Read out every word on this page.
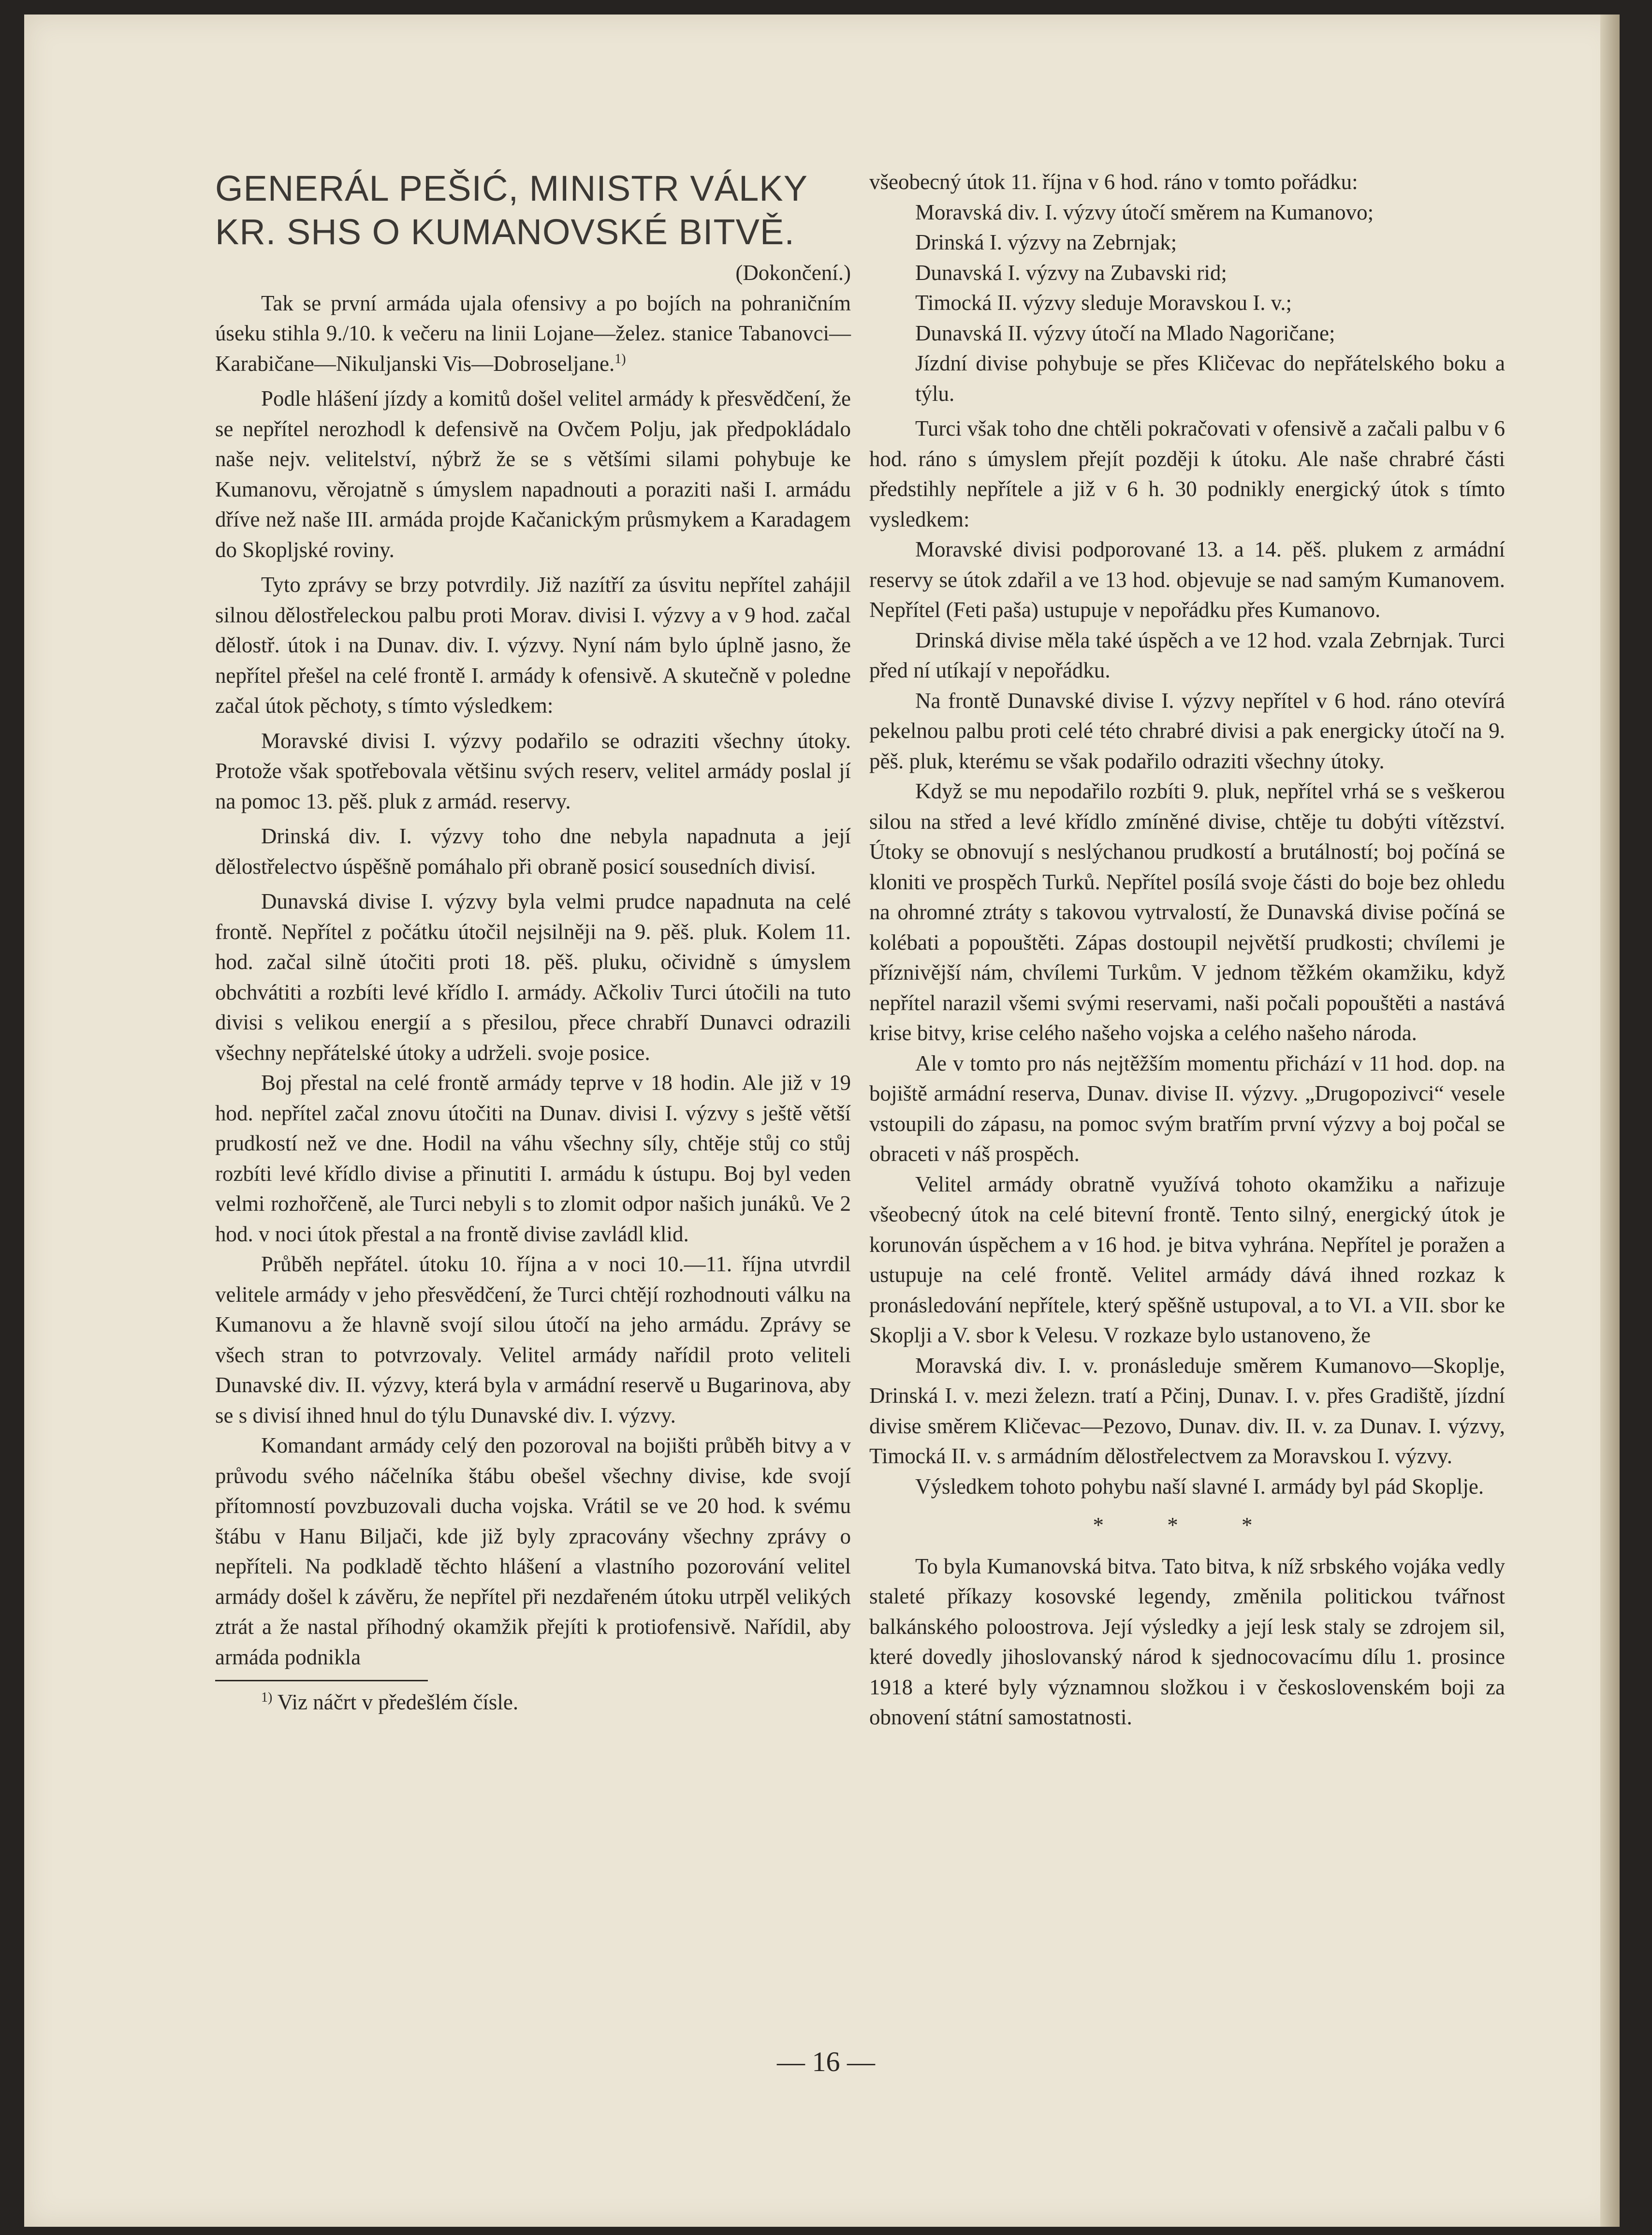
GENERÁL PEŠIĆ, MINISTR VÁLKY
KR. SHS O KUMANOVSKÉ BITVĚ.

(Dokončení.)

Tak se první armáda ujala ofensivy a po bojích na pohraničním úseku stihla 9./10. k večeru na linii Lojane—želez. stanice Tabanovci—Karabičane—Nikuljanski Vis—Dobroseljane.$^{1)}$

Podle hlášení jízdy a komitů došel velitel armády k přesvědčení, že se nepřítel nerozhodl k defensivě na Ovčem Polju, jak předpokládalo naše nejv. velitelství, nýbrž že se s většími silami pohybuje ke Kumanovu, věrojatně s úmyslem napadnouti a poraziti naši I. armádu dříve než naše III. armáda projde Kačanickým průsmykem a Karadagem do Skopljské roviny.

Tyto zprávy se brzy potvrdily. Již nazítří za úsvitu nepřítel zahájil silnou dělostřeleckou palbu proti Morav. divisi I. výzvy a v 9 hod. začal dělostř. útok i na Dunav. div. I. výzvy. Nyní nám bylo úplně jasno, že nepřítel přešel na celé frontě I. armády k ofensivě. A skutečně v poledne začal útok pěchoty, s tímto výsledkem:

Moravské divisi I. výzvy podařilo se odraziti všechny útoky. Protože však spotřebovala většinu svých reserv, velitel armády poslal jí na pomoc 13. pěš. pluk z armád. reservy.

Drinská div. I. výzvy toho dne nebyla napadnuta a její dělostřelectvo úspěšně pomáhalo při obraně posicí sousedních divisí.

Dunavská divise I. výzvy byla velmi prudce napadnuta na celé frontě. Nepřítel z počátku útočil nejsilněji na 9. pěš. pluk. Kolem 11. hod. začal silně útočiti proti 18. pěš. pluku, očividně s úmyslem obchvátiti a rozbíti levé křídlo I. armády. Ačkoliv Turci útočili na tuto divisi s velikou energií a s přesilou, přece chrabří Dunavci odrazili všechny nepřátelské útoky a udrželi. svoje posice.

Boj přestal na celé frontě armády teprve v 18 hodin. Ale již v 19 hod. nepřítel začal znovu útočiti na Dunav. divisi I. výzvy s ještě větší prudkostí než ve dne. Hodil na váhu všechny síly, chtěje stůj co stůj rozbíti levé křídlo divise a přinutiti I. armádu k ústupu. Boj byl veden velmi rozhořčeně, ale Turci nebyli s to zlomit odpor našich junáků. Ve 2 hod. v noci útok přestal a na frontě divise zavládl klid.

Průběh nepřátel. útoku 10. října a v noci 10.—11. října utvrdil velitele armády v jeho přesvědčení, že Turci chtějí rozhodnouti válku na Kumanovu a že hlavně svojí silou útočí na jeho armádu. Zprávy se všech stran to potvrzovaly. Velitel armády nařídil proto veliteli Dunavské div. II. výzvy, která byla v armádní reservě u Bugarinova, aby se s divisí ihned hnul do týlu Dunavské div. I. výzvy.

Komandant armády celý den pozoroval na bojišti průběh bitvy a v průvodu svého náčelníka štábu obešel všechny divise, kde svojí přítomností povzbuzovali ducha vojska. Vrátil se ve 20 hod. k svému štábu v Hanu Biljači, kde již byly zpracovány všechny zprávy o nepříteli. Na podkladě těchto hlášení a vlastního pozorování velitel armády došel k závěru, že nepřítel při nezdařeném útoku utrpěl velikých ztrát a že nastal příhodný okamžik přejíti k protiofensivě. Nařídil, aby armáda podnikla

$^{1)}$ Viz náčrt v předešlém čísle.

všeobecný útok 11. října v 6 hod. ráno v tomto pořádku:

Moravská div. I. výzvy útočí směrem na Kumanovo;

Drinská I. výzvy na Zebrnjak;

Dunavská I. výzvy na Zubavski rid;

Timocká II. výzvy sleduje Moravskou I. v.;

Dunavská II. výzvy útočí na Mlado Nagoričane;

Jízdní divise pohybuje se přes Kličevac do nepřátelského boku a týlu.

Turci však toho dne chtěli pokračovati v ofensivě a začali palbu v 6 hod. ráno s úmyslem přejít později k útoku. Ale naše chrabré části předstihly nepřítele a již v 6 h. 30 podnikly energický útok s tímto vysledkem:

Moravské divisi podporované 13. a 14. pěš. plukem z armádní reservy se útok zdařil a ve 13 hod. objevuje se nad samým Kumanovem. Nepřítel (Feti paša) ustupuje v nepořádku přes Kumanovo.

Drinská divise měla také úspěch a ve 12 hod. vzala Zebrnjak. Turci před ní utíkají v nepořádku.

Na frontě Dunavské divise I. výzvy nepřítel v 6 hod. ráno otevírá pekelnou palbu proti celé této chrabré divisi a pak energicky útočí na 9. pěš. pluk, kterému se však podařilo odraziti všechny útoky.

Když se mu nepodařilo rozbíti 9. pluk, nepřítel vrhá se s veškerou silou na střed a levé křídlo zmíněné divise, chtěje tu dobýti vítězství. Útoky se obnovují s neslýchanou prudkostí a brutálností; boj počíná se kloniti ve prospěch Turků. Nepřítel posílá svoje části do boje bez ohledu na ohromné ztráty s takovou vytrvalostí, že Dunavská divise počíná se kolébati a popouštěti. Zápas dostoupil největší prudkosti; chvílemi je příznivější nám, chvílemi Turkům. V jednom těžkém okamžiku, když nepřítel narazil všemi svými reservami, naši počali popouštěti a nastává krise bitvy, krise celého našeho vojska a celého našeho národa.

Ale v tomto pro nás nejtěžším momentu přichází v 11 hod. dop. na bojiště armádní reserva, Dunav. divise II. výzvy. „Drugopozivci“ vesele vstoupili do zápasu, na pomoc svým bratřím první výzvy a boj počal se obraceti v náš prospěch.

Velitel armády obratně využívá tohoto okamžiku a nařizuje všeobecný útok na celé bitevní frontě. Tento silný, energický útok je korunován úspěchem a v 16 hod. je bitva vyhrána. Nepřítel je poražen a ustupuje na celé frontě. Velitel armády dává ihned rozkaz k pronásledování nepřítele, který spěšně ustupoval, a to VI. a VII. sbor ke Skoplji a V. sbor k Velesu. V rozkaze bylo ustanoveno, že

Moravská div. I. v. pronásleduje směrem Kumanovo—Skoplje, Drinská I. v. mezi železn. tratí a Pčinj, Dunav. I. v. přes Gradiště, jízdní divise směrem Kličevac—Pezovo, Dunav. div. II. v. za Dunav. I. výzvy, Timocká II. v. s armádním dělostřelectvem za Moravskou I. výzvy.

Výsledkem tohoto pohybu naší slavné I. armády byl pád Skoplje.

* * *

To byla Kumanovská bitva. Tato bitva, k níž srbského vojáka vedly staleté příkazy kosovské legendy, změnila politickou tvářnost balkánského poloostrova. Její výsledky a její lesk staly se zdrojem sil, které dovedly jihoslovanský národ k sjednocovacímu dílu 1. prosince 1918 a které byly významnou složkou i v československém boji za obnovení státní samostatnosti.

— 16 —
